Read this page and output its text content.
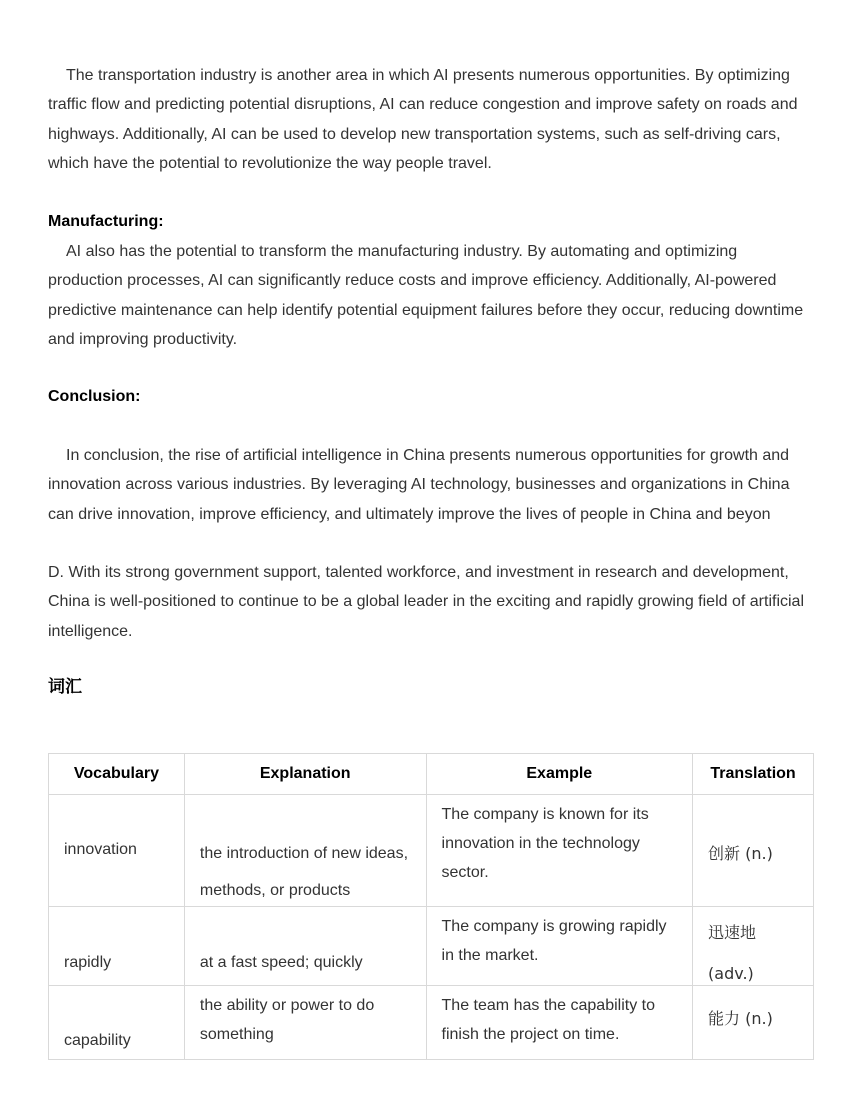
The transportation industry is another area in which AI presents numerous opportunities. By optimizing traffic flow and predicting potential disruptions, AI can reduce congestion and improve safety on roads and highways. Additionally, AI can be used to develop new transportation systems, such as self-driving cars, which have the potential to revolutionize the way people travel.

Manufacturing:

AI also has the potential to transform the manufacturing industry. By automating and optimizing production processes, AI can significantly reduce costs and improve efficiency. Additionally, AI-powered predictive maintenance can help identify potential equipment failures before they occur, reducing downtime and improving productivity.

Conclusion:

In conclusion, the rise of artificial intelligence in China presents numerous opportunities for growth and innovation across various industries. By leveraging AI technology, businesses and organizations in China can drive innovation, improve efficiency, and ultimately improve the lives of people in China and beyon

D. With its strong government support, talented workforce, and investment in research and development, China is well-positioned to continue to be a global leader in the exciting and rapidly growing field of artificial intelligence.

词汇
Vocabulary	Explanation	Example	Translation

innovation	the introduction of new ideas, methods, or products	The company is known for its innovation in the technology sector.	创新 (n.)

rapidly	at a fast speed; quickly	The company is growing rapidly in the market.	迅速地 (adv.)

capability	the ability or power to do something	The team has the capability to finish the project on time.	能力 (n.)
